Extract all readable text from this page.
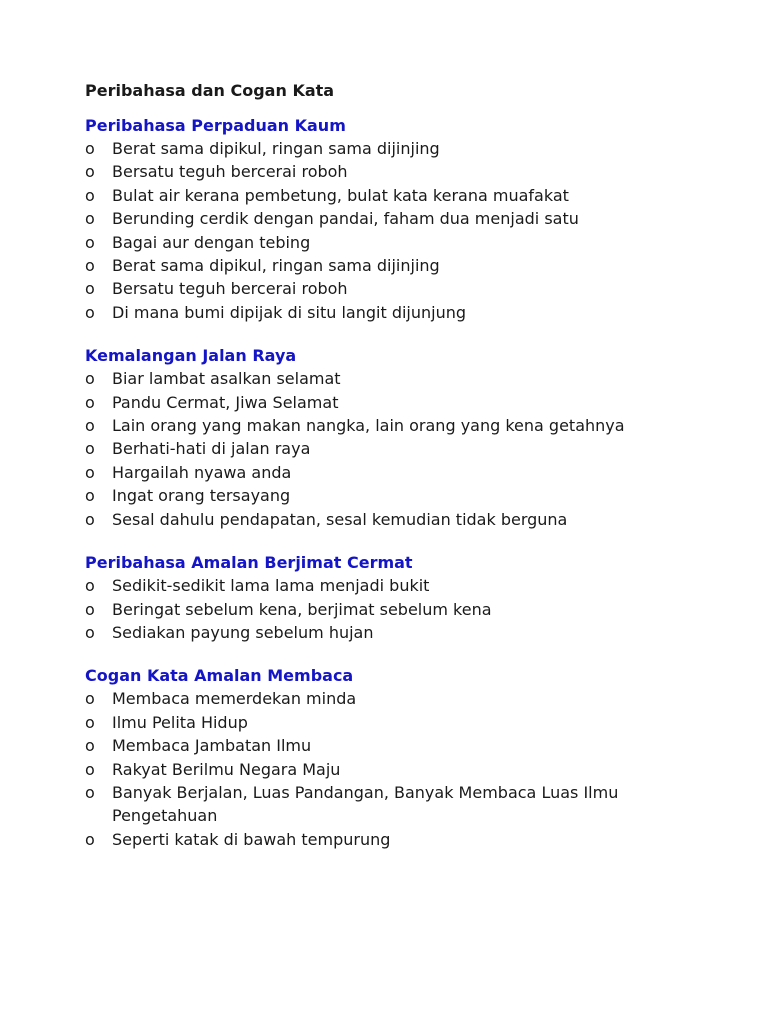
Peribahasa dan Cogan Kata
Peribahasa Perpaduan Kaum
o Berat sama dipikul, ringan sama dijinjing
o Bersatu teguh bercerai roboh
o Bulat air kerana pembetung, bulat kata kerana muafakat
o Berunding cerdik dengan pandai, faham dua menjadi satu
o Bagai aur dengan tebing
o Berat sama dipikul, ringan sama dijinjing
o Bersatu teguh bercerai roboh
o Di mana bumi dipijak di situ langit dijunjung
Kemalangan Jalan Raya
o Biar lambat asalkan selamat
o Pandu Cermat, Jiwa Selamat
o Lain orang yang makan nangka, lain orang yang kena getahnya
o Berhati-hati di jalan raya
o Hargailah nyawa anda
o Ingat orang tersayang
o Sesal dahulu pendapatan, sesal kemudian tidak berguna
Peribahasa Amalan Berjimat Cermat
o Sedikit-sedikit lama lama menjadi bukit
o Beringat sebelum kena, berjimat sebelum kena
o Sediakan payung sebelum hujan
Cogan Kata Amalan Membaca
o Membaca memerdekan minda
o Ilmu Pelita Hidup
o Membaca Jambatan Ilmu
o Rakyat Berilmu Negara Maju
o Banyak Berjalan, Luas Pandangan, Banyak Membaca Luas Ilmu Pengetahuan
o Seperti katak di bawah tempurung
